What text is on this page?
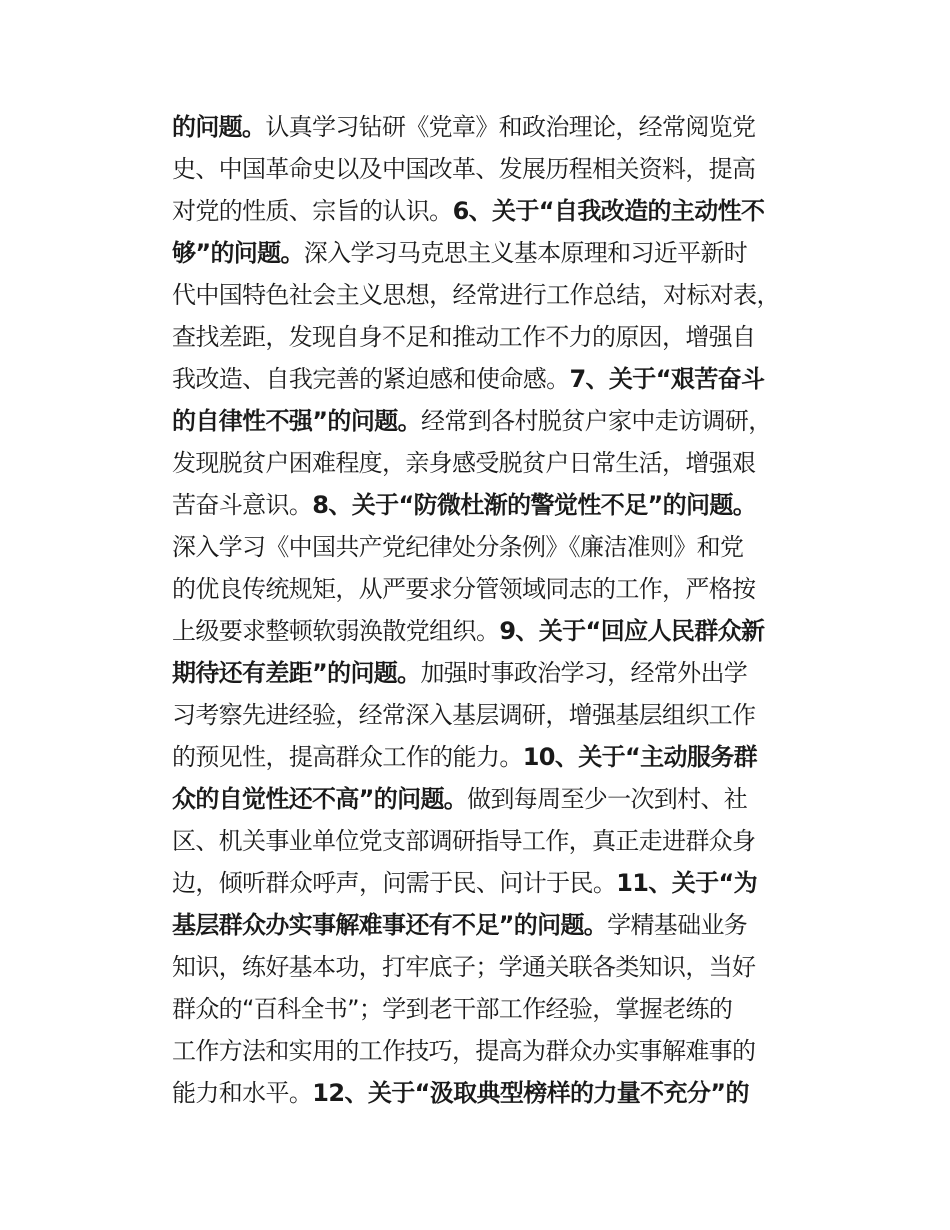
的问题。认真学习钻研《党章》和政治理论，经常阅览党
史、中国革命史以及中国改革、发展历程相关资料，提高
对党的性质、宗旨的认识。6、关于“自我改造的主动性不
够”的问题。深入学习马克思主义基本原理和习近平新时
代中国特色社会主义思想，经常进行工作总结，对标对表，
查找差距，发现自身不足和推动工作不力的原因，增强自
我改造、自我完善的紧迫感和使命感。7、关于“艰苦奋斗
的自律性不强”的问题。经常到各村脱贫户家中走访调研，
发现脱贫户困难程度，亲身感受脱贫户日常生活，增强艰
苦奋斗意识。8、关于“防微杜渐的警觉性不足”的问题。
深入学习《中国共产党纪律处分条例》《廉洁准则》和党
的优良传统规矩，从严要求分管领域同志的工作，严格按
上级要求整顿软弱涣散党组织。9、关于“回应人民群众新
期待还有差距”的问题。加强时事政治学习，经常外出学
习考察先进经验，经常深入基层调研，增强基层组织工作
的预见性，提高群众工作的能力。10、关于“主动服务群
众的自觉性还不高”的问题。做到每周至少一次到村、社
区、机关事业单位党支部调研指导工作，真正走进群众身
边，倾听群众呼声，问需于民、问计于民。11、关于“为
基层群众办实事解难事还有不足”的问题。学精基础业务
知识，练好基本功，打牢底子；学通关联各类知识，当好
群众的“百科全书”；学到老干部工作经验，掌握老练的
工作方法和实用的工作技巧，提高为群众办实事解难事的
能力和水平。12、关于“汲取典型榜样的力量不充分”的
